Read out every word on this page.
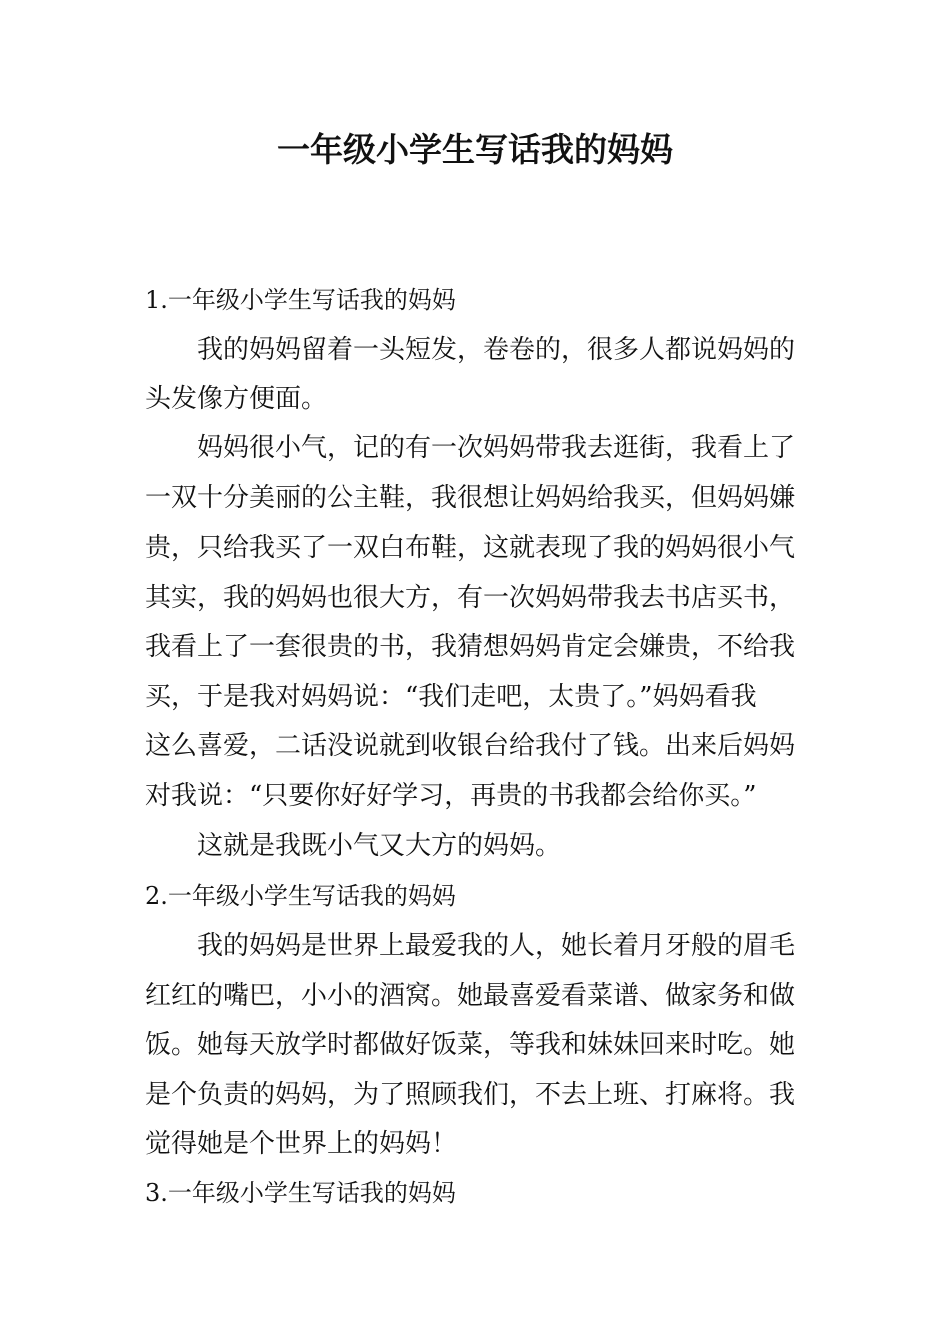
一年级小学生写话我的妈妈

1.一年级小学生写话我的妈妈

我的妈妈留着一头短发，卷卷的，很多人都说妈妈的

头发像方便面。

妈妈很小气，记的有一次妈妈带我去逛街，我看上了

一双十分美丽的公主鞋，我很想让妈妈给我买，但妈妈嫌

贵，只给我买了一双白布鞋，这就表现了我的妈妈很小气

其实，我的妈妈也很大方，有一次妈妈带我去书店买书，

我看上了一套很贵的书，我猜想妈妈肯定会嫌贵，不给我

买，于是我对妈妈说：“我们走吧，太贵了。”妈妈看我

这么喜爱，二话没说就到收银台给我付了钱。出来后妈妈

对我说：“只要你好好学习，再贵的书我都会给你买。”

这就是我既小气又大方的妈妈。

2.一年级小学生写话我的妈妈

我的妈妈是世界上最爱我的人，她长着月牙般的眉毛

红红的嘴巴，小小的酒窝。她最喜爱看菜谱、做家务和做

饭。她每天放学时都做好饭菜，等我和妹妹回来时吃。她

是个负责的妈妈，为了照顾我们，不去上班、打麻将。我

觉得她是个世界上的妈妈！

3.一年级小学生写话我的妈妈
